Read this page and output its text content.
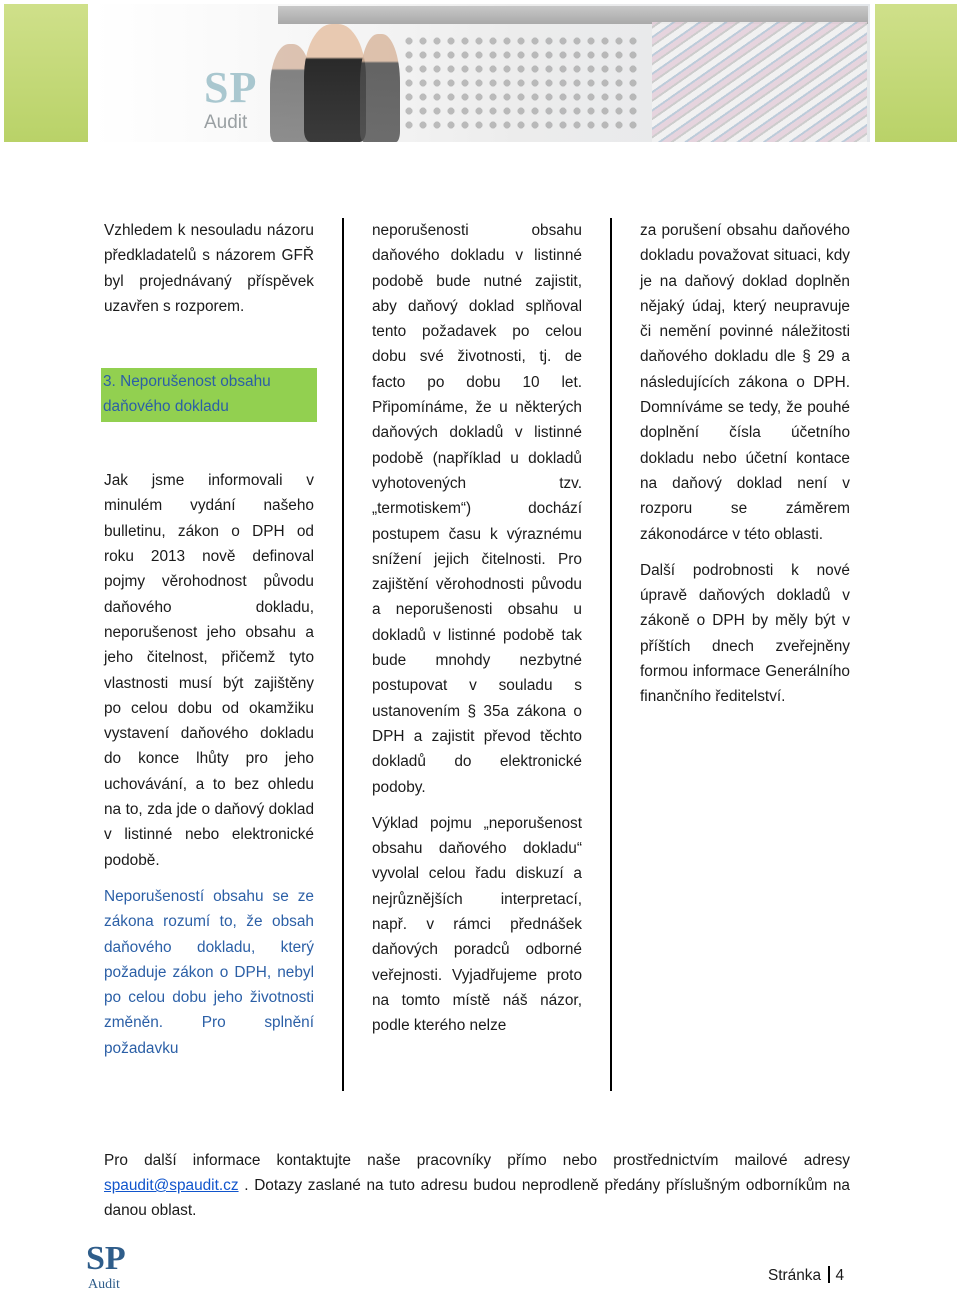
SP
Audit

Vzhledem k nesouladu názoru předkladatelů s názorem GFŘ byl projednávaný příspěvek uzavřen s rozporem.

3. Neporušenost obsahu daňového dokladu

Jak jsme informovali v minulém vydání našeho bulletinu, zákon o DPH od roku 2013 nově definoval pojmy věrohodnost původu daňového dokladu, neporušenost jeho obsahu a jeho čitelnost, přičemž tyto vlastnosti musí být zajištěny po celou dobu od okamžiku vystavení daňového dokladu do konce lhůty pro jeho uchovávání, a to bez ohledu na to, zda jde o daňový doklad v listinné nebo elektronické podobě.

Neporušeností obsahu se ze zákona rozumí to, že obsah daňového dokladu, který požaduje zákon o DPH, nebyl po celou dobu jeho životnosti změněn. Pro splnění požadavku

neporušenosti obsahu daňového dokladu v listinné podobě bude nutné zajistit, aby daňový doklad splňoval tento požadavek po celou dobu své životnosti, tj. de facto po dobu 10 let. Připomínáme, že u některých daňových dokladů v listinné podobě (například u dokladů vyhotovených tzv. „termotiskem“) dochází postupem času k výraznému snížení jejich čitelnosti. Pro zajištění věrohodnosti původu a neporušenosti obsahu u dokladů v listinné podobě tak bude mnohdy nezbytné postupovat v souladu s ustanovením § 35a zákona o DPH a zajistit převod těchto dokladů do elektronické podoby.

Výklad pojmu „neporušenost obsahu daňového dokladu“ vyvolal celou řadu diskuzí a nejrůznějších interpretací, např. v rámci přednášek daňových poradců odborné veřejnosti. Vyjadřujeme proto na tomto místě náš názor, podle kterého nelze

za porušení obsahu daňového dokladu považovat situaci, kdy je na daňový doklad doplněn nějaký údaj, který neupravuje či nemění povinné náležitosti daňového dokladu dle § 29 a následujících zákona o DPH. Domníváme se tedy, že pouhé doplnění čísla účetního dokladu nebo účetní kontace na daňový doklad není v rozporu se záměrem zákonodárce v této oblasti.

Další podrobnosti k nové úpravě daňových dokladů v zákoně o DPH by měly být v příštích dnech zveřejněny formou informace Generálního finančního ředitelství.

Pro další informace kontaktujte naše pracovníky přímo nebo prostřednictvím mailové adresy spaudit@spaudit.cz . Dotazy zaslané na tuto adresu budou neprodleně předány příslušným odborníkům na danou oblast.
SP
Audit
Stránka 4
